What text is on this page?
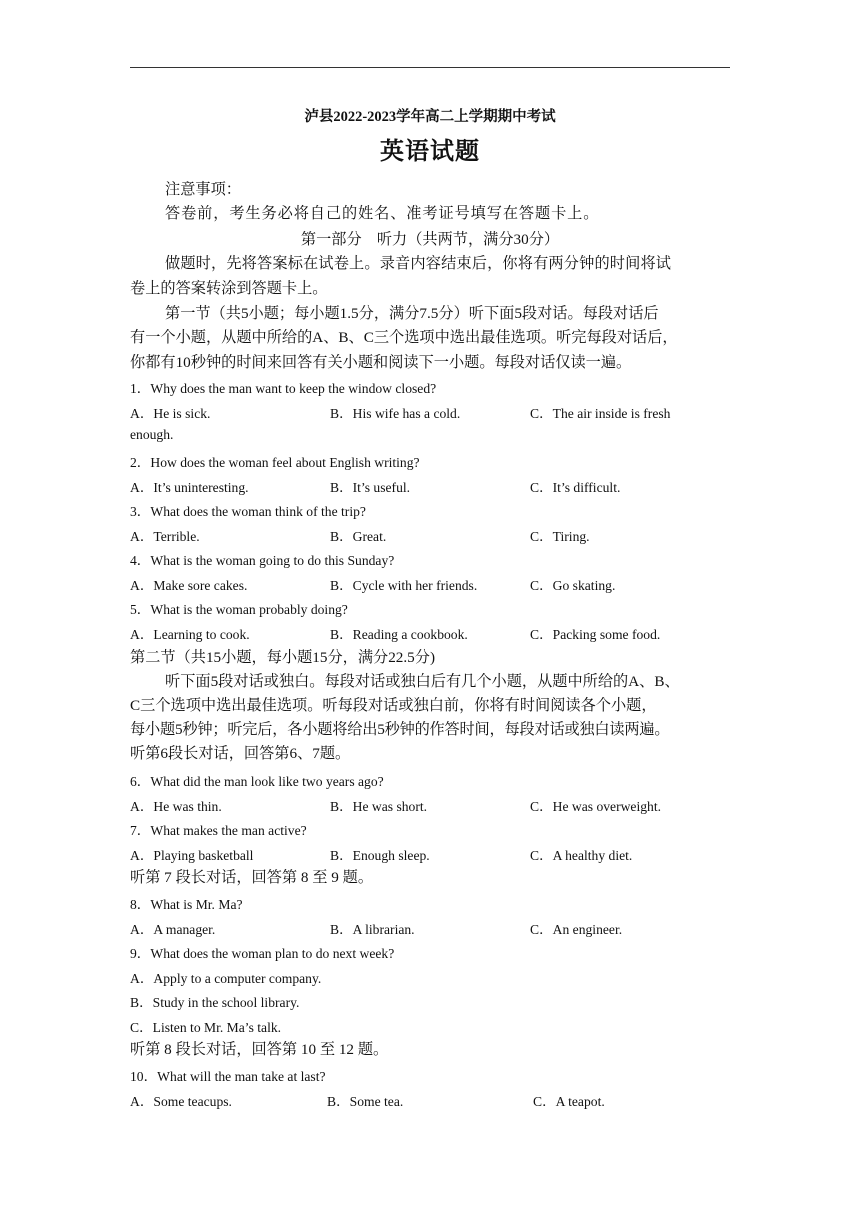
泸县2022-2023学年高二上学期期中考试
英语试题
注意事项：
答卷前，考生务必将自己的姓名、准考证号填写在答题卡上。
第一部分　听力（共两节，满分30分）
做题时，先将答案标在试卷上。录音内容结束后，你将有两分钟的时间将试
卷上的答案转涂到答题卡上。
第一节（共5小题；每小题1.5分，满分7.5分）听下面5段对话。每段对话后
有一个小题，从题中所给的A、B、C三个选项中选出最佳选项。听完每段对话后，
你都有10秒钟的时间来回答有关小题和阅读下一小题。每段对话仅读一遍。
1．Why does the man want to keep the window closed?
A．He is sick.	B．His wife has a cold.	C．The air inside is fresh
enough.
2．How does the woman feel about English writing?
A．It’s uninteresting.	B．It’s useful.	C．It’s difficult.
3．What does the woman think of the trip?
A．Terrible.	B．Great.	C．Tiring.
4．What is the woman going to do this Sunday?
A．Make sore cakes.	B．Cycle with her friends.	C．Go skating.
5．What is the woman probably doing?
A．Learning to cook.	B．Reading a cookbook.	C．Packing some food.
第二节（共15小题，每小题15分，满分22.5分)
听下面5段对话或独白。每段对话或独白后有几个小题，从题中所给的A、B、
C三个选项中选出最佳选项。听每段对话或独白前，你将有时间阅读各个小题，
每小题5秒钟；听完后，各小题将给出5秒钟的作答时间，每段对话或独白读两遍。
听第6段长对话，回答第6、7题。
6．What did the man look like two years ago?
A．He was thin.	B．He was short.	C．He was overweight.
7．What makes the man active?
A．Playing basketball	B．Enough sleep.	C．A healthy diet.
听第 7 段长对话，回答第 8 至 9 题。
8．What is Mr. Ma?
A．A manager.	B．A librarian.	C．An engineer.
9．What does the woman plan to do next week?
A．Apply to a computer company.
B．Study in the school library.
C．Listen to Mr. Ma’s talk.
听第 8 段长对话，回答第 10 至 12 题。
10．What will the man take at last?
A．Some teacups.	B．Some tea.	C．A teapot.
